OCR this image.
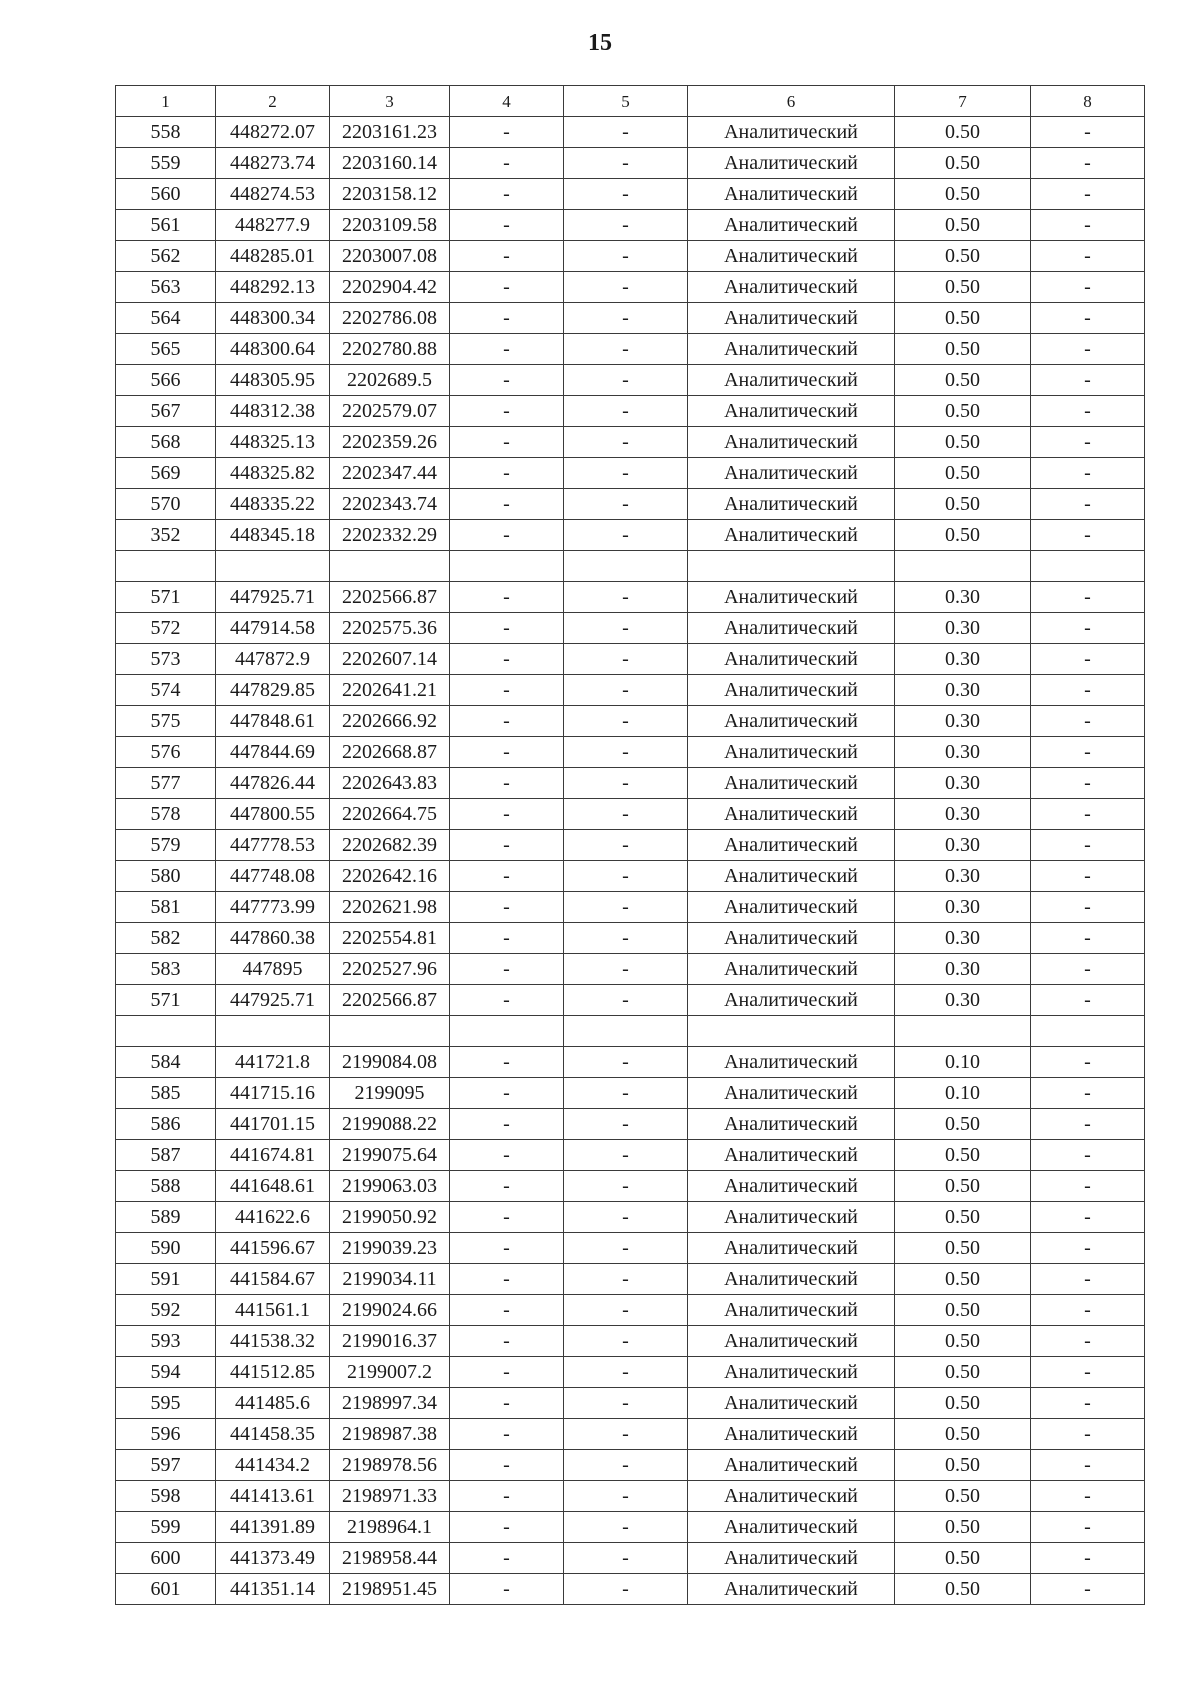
15
1	2	3	4	5	6	7	8
558	448272.07	2203161.23	-	-	Аналитический	0.50	-
559	448273.74	2203160.14	-	-	Аналитический	0.50	-
560	448274.53	2203158.12	-	-	Аналитический	0.50	-
561	448277.9	2203109.58	-	-	Аналитический	0.50	-
562	448285.01	2203007.08	-	-	Аналитический	0.50	-
563	448292.13	2202904.42	-	-	Аналитический	0.50	-
564	448300.34	2202786.08	-	-	Аналитический	0.50	-
565	448300.64	2202780.88	-	-	Аналитический	0.50	-
566	448305.95	2202689.5	-	-	Аналитический	0.50	-
567	448312.38	2202579.07	-	-	Аналитический	0.50	-
568	448325.13	2202359.26	-	-	Аналитический	0.50	-
569	448325.82	2202347.44	-	-	Аналитический	0.50	-
570	448335.22	2202343.74	-	-	Аналитический	0.50	-
352	448345.18	2202332.29	-	-	Аналитический	0.50	-

571	447925.71	2202566.87	-	-	Аналитический	0.30	-
572	447914.58	2202575.36	-	-	Аналитический	0.30	-
573	447872.9	2202607.14	-	-	Аналитический	0.30	-
574	447829.85	2202641.21	-	-	Аналитический	0.30	-
575	447848.61	2202666.92	-	-	Аналитический	0.30	-
576	447844.69	2202668.87	-	-	Аналитический	0.30	-
577	447826.44	2202643.83	-	-	Аналитический	0.30	-
578	447800.55	2202664.75	-	-	Аналитический	0.30	-
579	447778.53	2202682.39	-	-	Аналитический	0.30	-
580	447748.08	2202642.16	-	-	Аналитический	0.30	-
581	447773.99	2202621.98	-	-	Аналитический	0.30	-
582	447860.38	2202554.81	-	-	Аналитический	0.30	-
583	447895	2202527.96	-	-	Аналитический	0.30	-
571	447925.71	2202566.87	-	-	Аналитический	0.30	-

584	441721.8	2199084.08	-	-	Аналитический	0.10	-
585	441715.16	2199095	-	-	Аналитический	0.10	-
586	441701.15	2199088.22	-	-	Аналитический	0.50	-
587	441674.81	2199075.64	-	-	Аналитический	0.50	-
588	441648.61	2199063.03	-	-	Аналитический	0.50	-
589	441622.6	2199050.92	-	-	Аналитический	0.50	-
590	441596.67	2199039.23	-	-	Аналитический	0.50	-
591	441584.67	2199034.11	-	-	Аналитический	0.50	-
592	441561.1	2199024.66	-	-	Аналитический	0.50	-
593	441538.32	2199016.37	-	-	Аналитический	0.50	-
594	441512.85	2199007.2	-	-	Аналитический	0.50	-
595	441485.6	2198997.34	-	-	Аналитический	0.50	-
596	441458.35	2198987.38	-	-	Аналитический	0.50	-
597	441434.2	2198978.56	-	-	Аналитический	0.50	-
598	441413.61	2198971.33	-	-	Аналитический	0.50	-
599	441391.89	2198964.1	-	-	Аналитический	0.50	-
600	441373.49	2198958.44	-	-	Аналитический	0.50	-
601	441351.14	2198951.45	-	-	Аналитический	0.50	-
